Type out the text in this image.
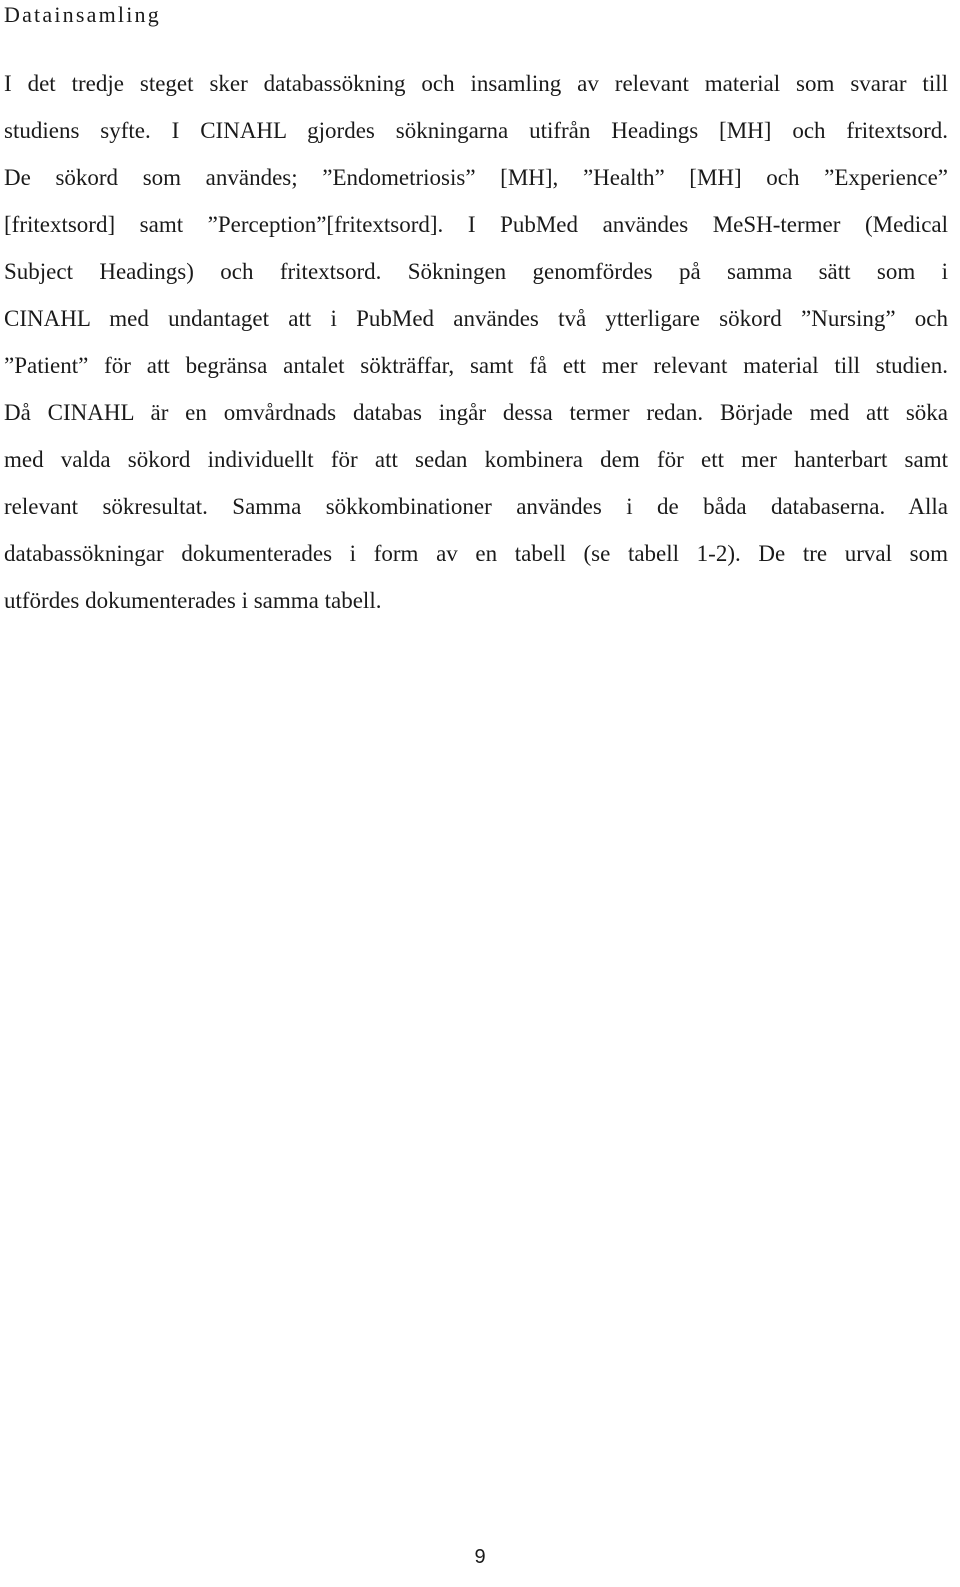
Datainsamling

I det tredje steget sker databassökning och insamling av relevant material som svarar till
studiens syfte. I CINAHL gjordes sökningarna utifrån Headings [MH] och fritextsord.
De sökord som användes; ”Endometriosis” [MH], ”Health” [MH] och ”Experience”
[fritextsord] samt ”Perception”[fritextsord]. I PubMed användes MeSH-termer (Medical
Subject Headings) och fritextsord. Sökningen genomfördes på samma sätt som i
CINAHL med undantaget att i PubMed användes två ytterligare sökord ”Nursing” och
”Patient” för att begränsa antalet sökträffar, samt få ett mer relevant material till studien.
Då CINAHL är en omvårdnads databas ingår dessa termer redan. Började med att söka
med valda sökord individuellt för att sedan kombinera dem för ett mer hanterbart samt
relevant sökresultat. Samma sökkombinationer användes i de båda databaserna. Alla
databassökningar dokumenterades i form av en tabell (se tabell 1-2). De tre urval som
utfördes dokumenterades i samma tabell.

9
